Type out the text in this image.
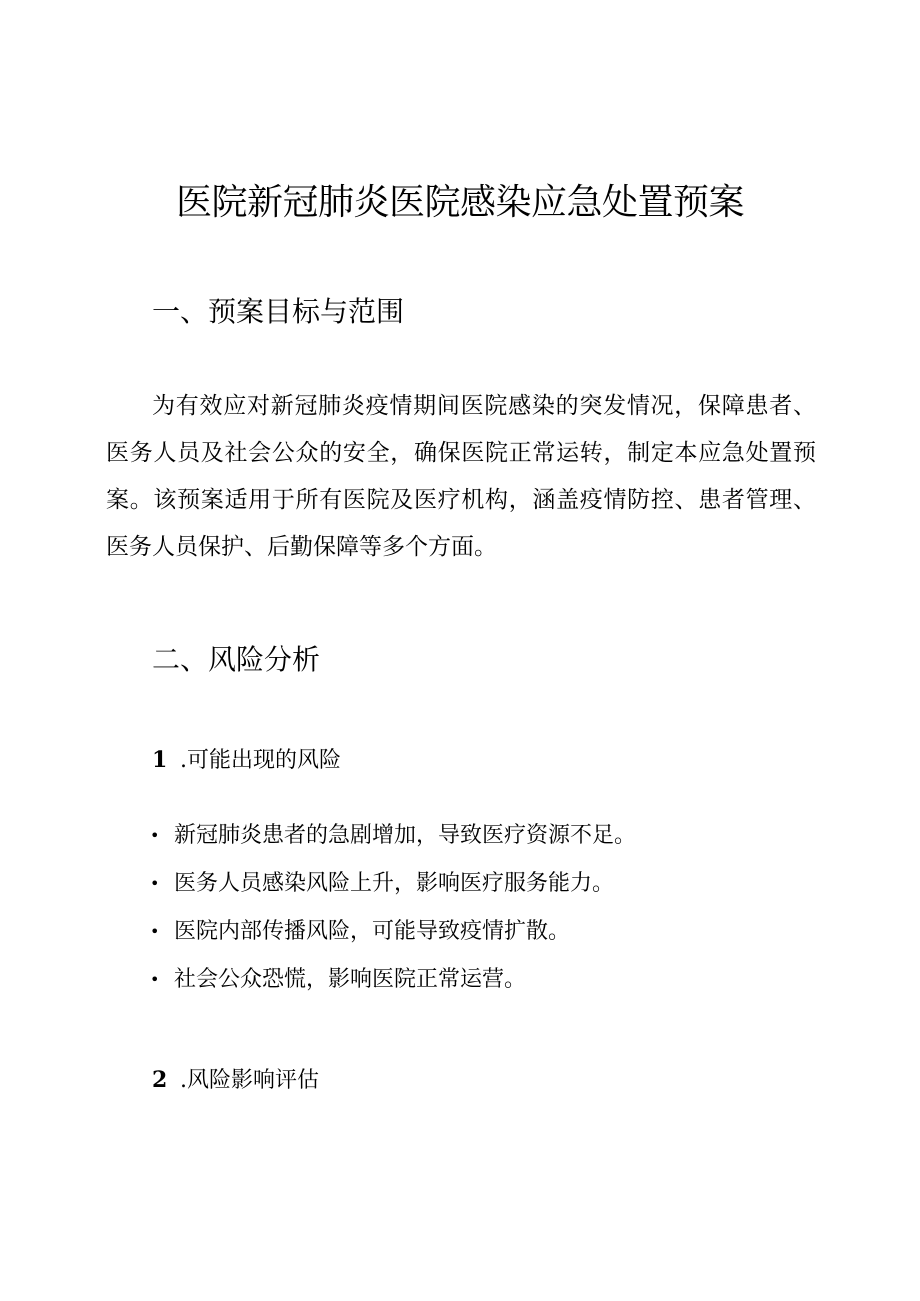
医院新冠肺炎医院感染应急处置预案
一、预案目标与范围

为有效应对新冠肺炎疫情期间医院感染的突发情况，保障患者、医务人员及社会公众的安全，确保医院正常运转，制定本应急处置预案。该预案适用于所有医院及医疗机构，涵盖疫情防控、患者管理、医务人员保护、后勤保障等多个方面。

二、风险分析
1 .可能出现的风险
• 新冠肺炎患者的急剧增加，导致医疗资源不足。
• 医务人员感染风险上升，影响医疗服务能力。
• 医院内部传播风险，可能导致疫情扩散。
• 社会公众恐慌，影响医院正常运营。
2 .风险影响评估
